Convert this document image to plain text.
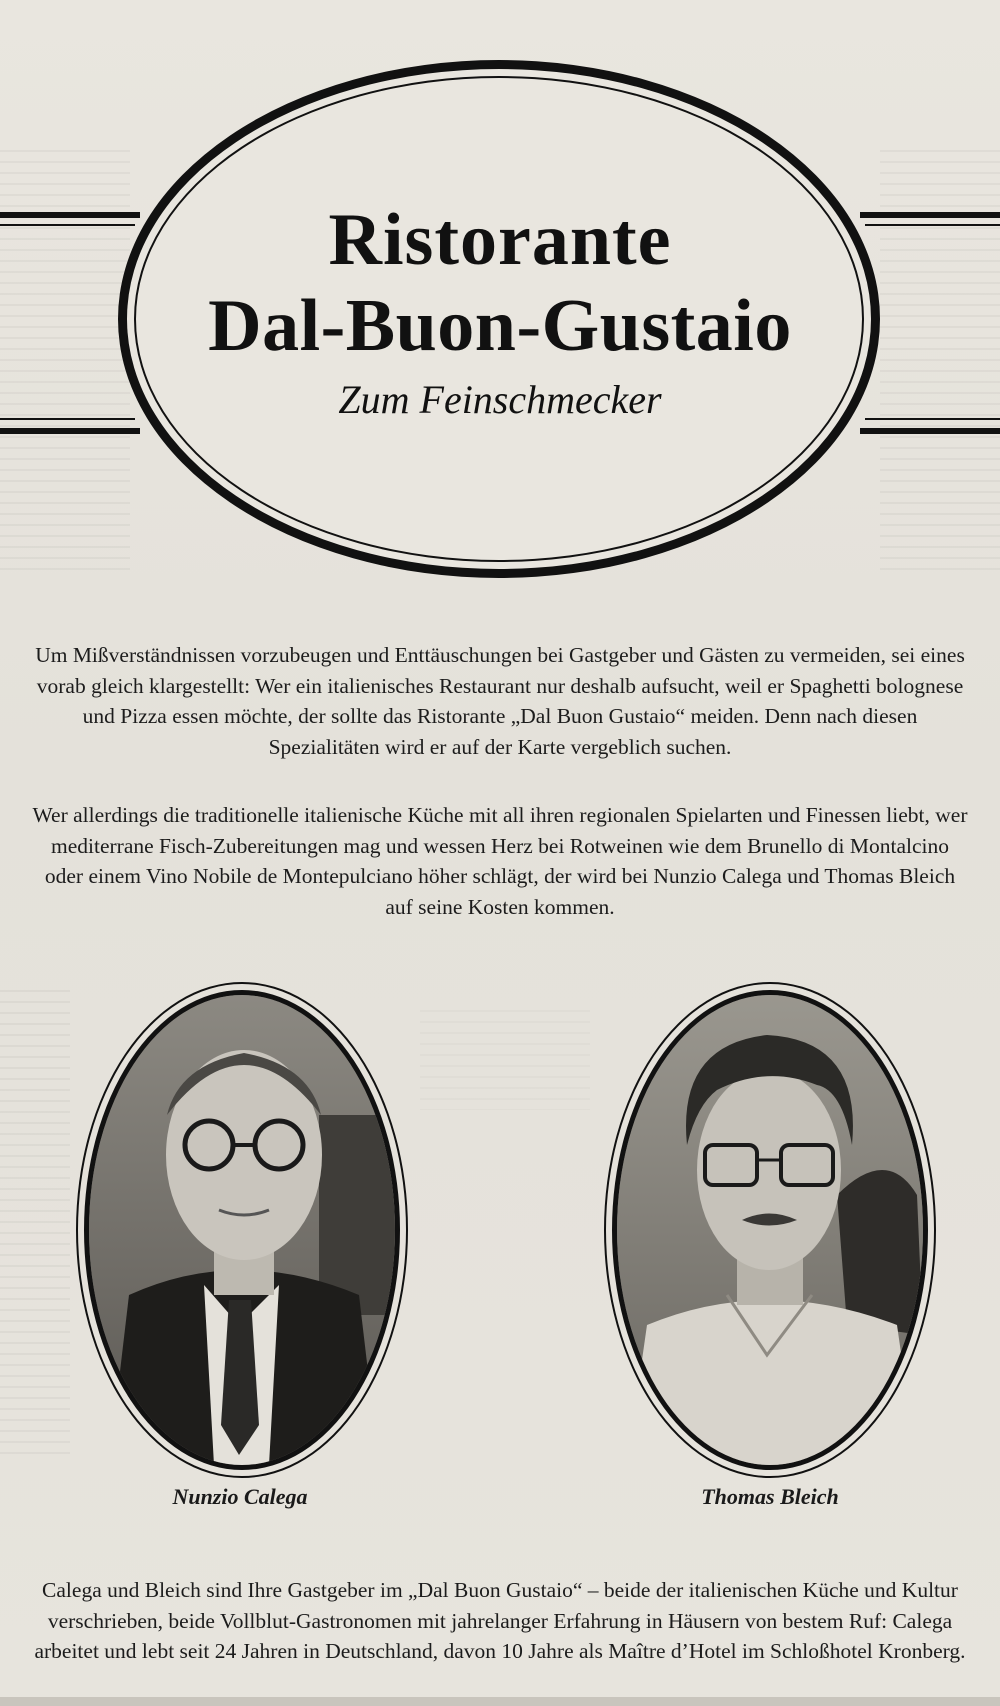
Ristorante
Dal-Buon-Gustaio
Zum Feinschmecker

Um Mißverständnissen vorzubeugen und Enttäuschungen bei Gastgeber und Gästen zu vermeiden, sei eines vorab gleich klargestellt: Wer ein italienisches Restaurant nur deshalb aufsucht, weil er Spaghetti bolognese und Pizza essen möchte, der sollte das Ristorante „Dal Buon Gustaio“ meiden. Denn nach diesen Spezialitäten wird er auf der Karte vergeblich suchen.

Wer allerdings die traditionelle italienische Küche mit all ihren regionalen Spielarten und Finessen liebt, wer mediterrane Fisch-Zubereitungen mag und wessen Herz bei Rotweinen wie dem Brunello di Montalcino oder einem Vino Nobile de Montepulciano höher schlägt, der wird bei Nunzio Calega und Thomas Bleich auf seine Kosten kommen.

Nunzio Calega	Thomas Bleich

Calega und Bleich sind Ihre Gastgeber im „Dal Buon Gustaio“ – beide der italienischen Küche und Kultur verschrieben, beide Vollblut-Gastronomen mit jahrelanger Erfahrung in Häusern von bestem Ruf: Calega arbeitet und lebt seit 24 Jahren in Deutschland, davon 10 Jahre als Maître d’Hotel im Schloßhotel Kronberg.
